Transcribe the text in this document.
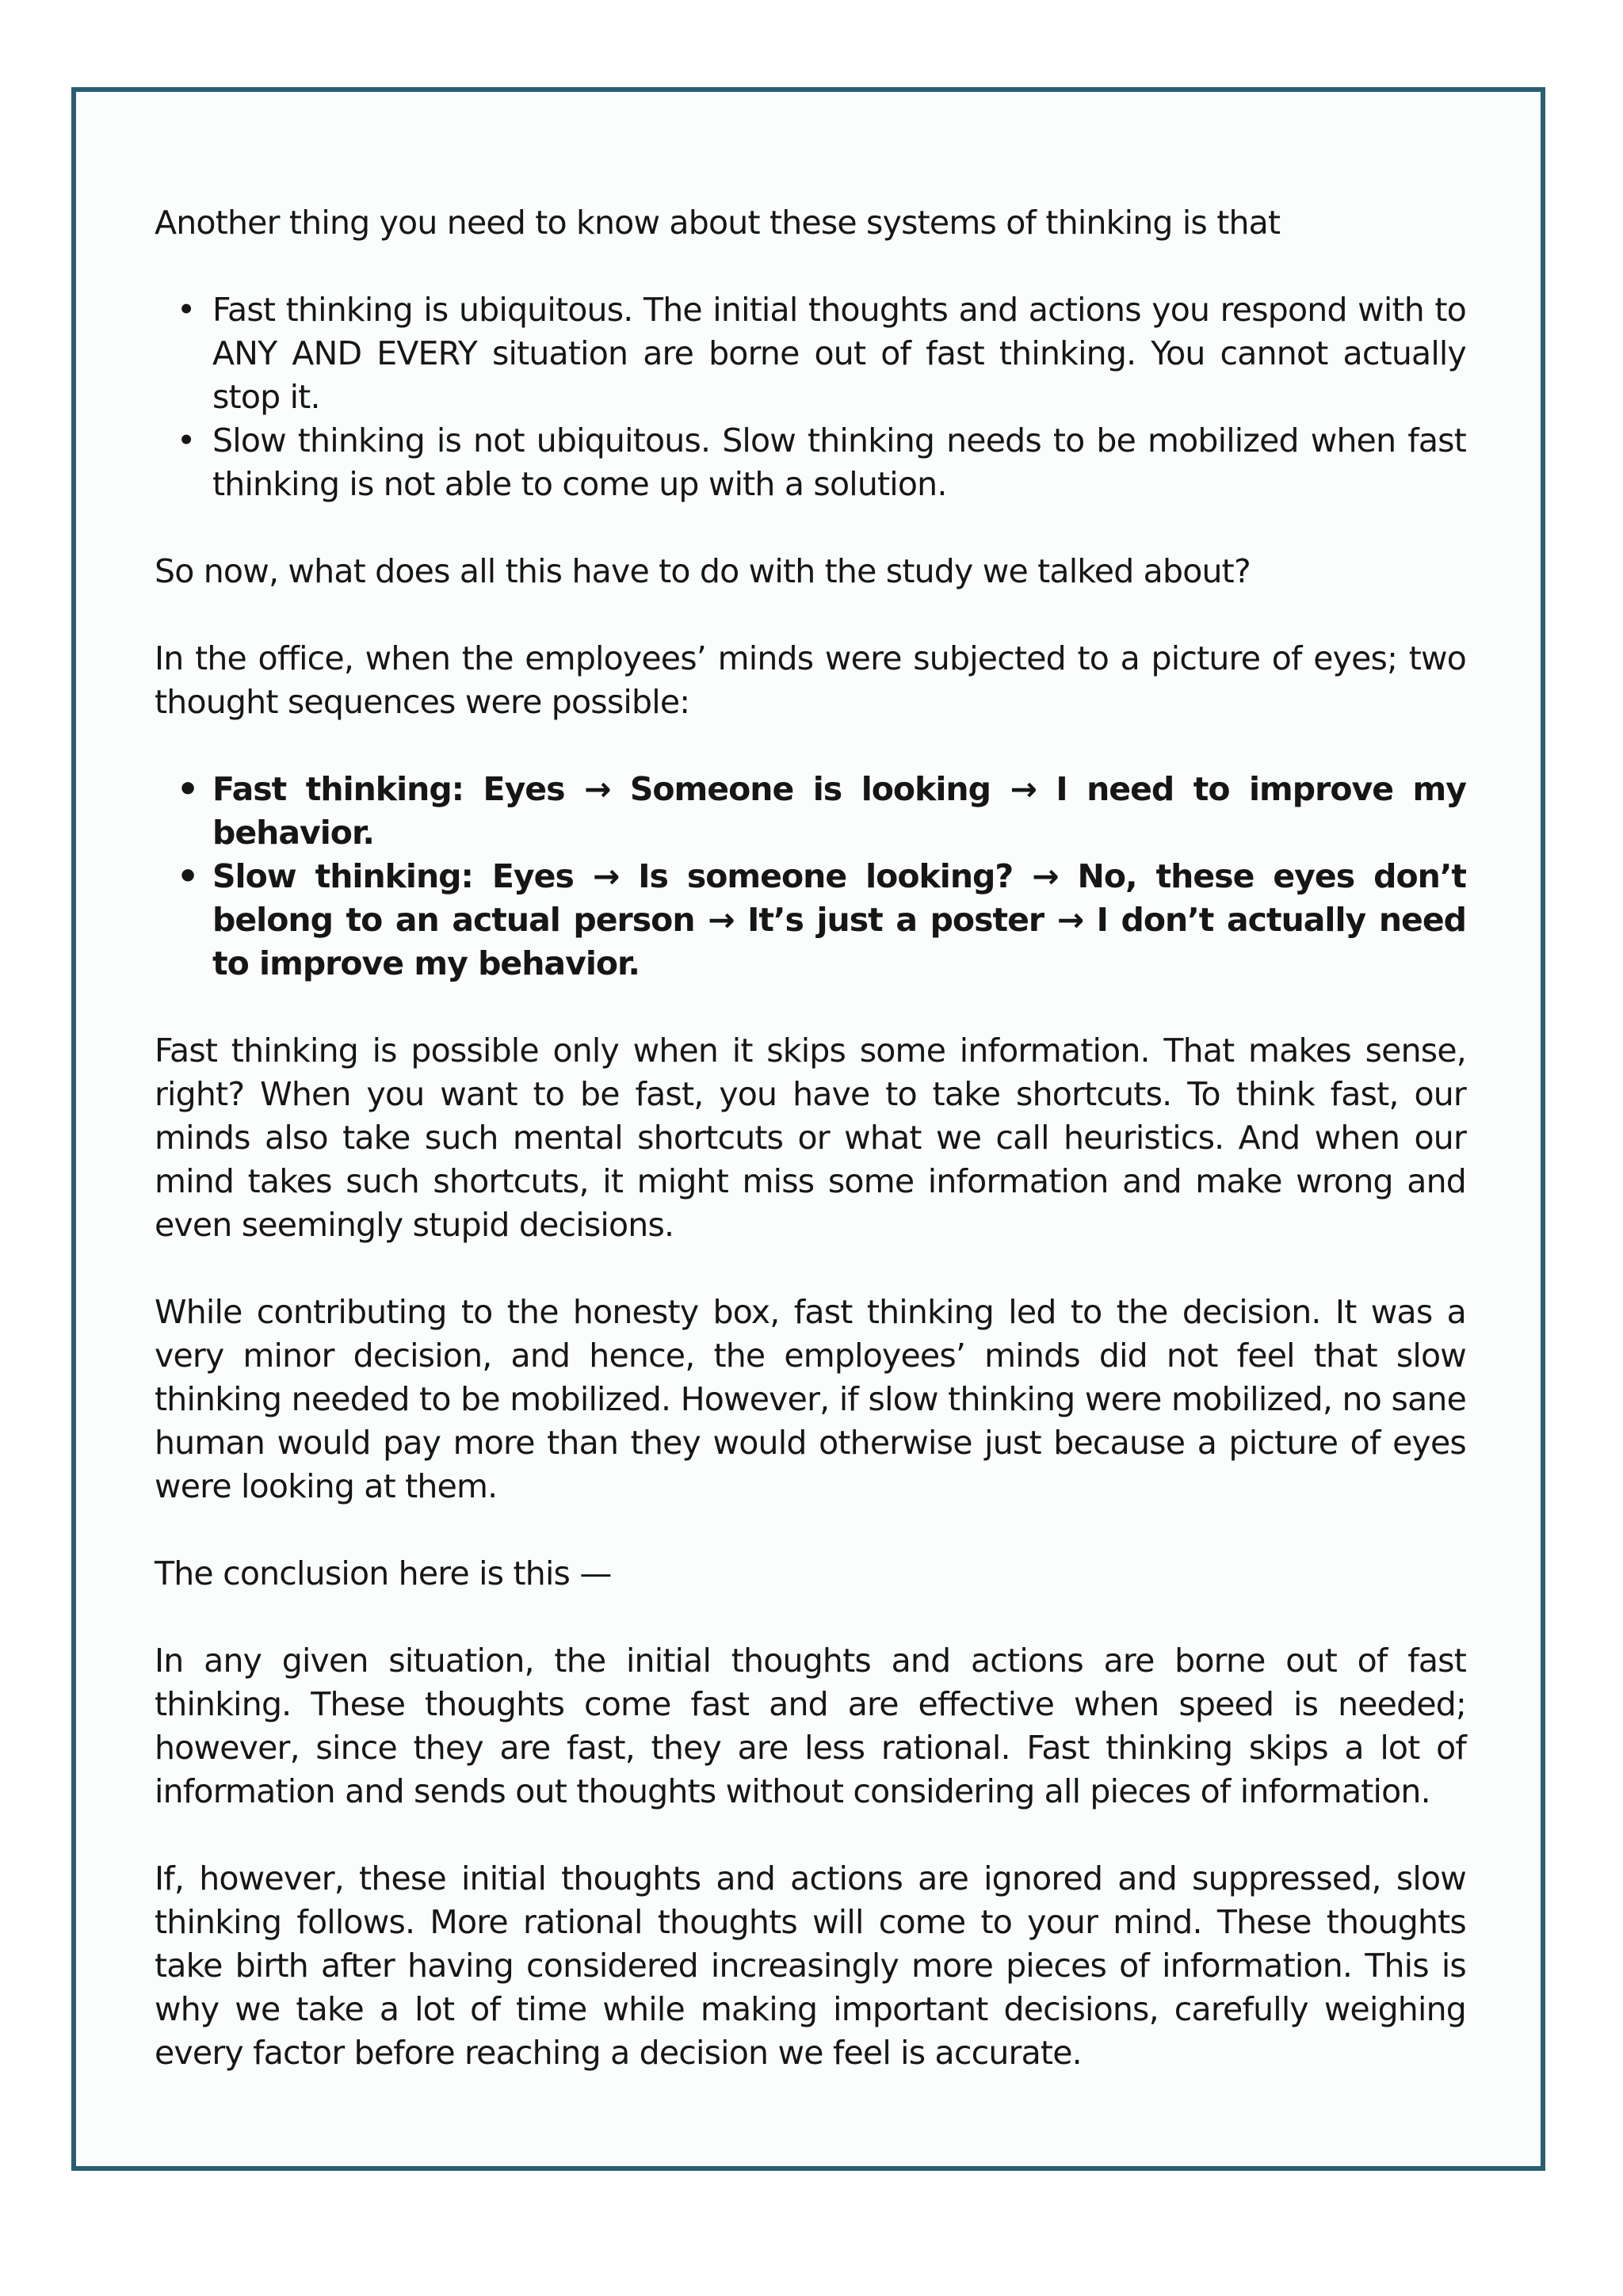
Another thing you need to know about these systems of thinking is that

• Fast thinking is ubiquitous. The initial thoughts and actions you respond with to ANY AND EVERY situation are borne out of fast thinking. You cannot actually stop it.
• Slow thinking is not ubiquitous. Slow thinking needs to be mobilized when fast thinking is not able to come up with a solution.

So now, what does all this have to do with the study we talked about?

In the office, when the employees’ minds were subjected to a picture of eyes; two thought sequences were possible:

• Fast thinking: Eyes → Someone is looking → I need to improve my behavior.
• Slow thinking: Eyes → Is someone looking? → No, these eyes don’t belong to an actual person → It’s just a poster → I don’t actually need to improve my behavior.

Fast thinking is possible only when it skips some information. That makes sense, right? When you want to be fast, you have to take shortcuts. To think fast, our minds also take such mental shortcuts or what we call heuristics. And when our mind takes such shortcuts, it might miss some information and make wrong and even seemingly stupid decisions.

While contributing to the honesty box, fast thinking led to the decision. It was a very minor decision, and hence, the employees’ minds did not feel that slow thinking needed to be mobilized. However, if slow thinking were mobilized, no sane human would pay more than they would otherwise just because a picture of eyes were looking at them.

The conclusion here is this —

In any given situation, the initial thoughts and actions are borne out of fast thinking. These thoughts come fast and are effective when speed is needed; however, since they are fast, they are less rational. Fast thinking skips a lot of information and sends out thoughts without considering all pieces of information.

If, however, these initial thoughts and actions are ignored and suppressed, slow thinking follows. More rational thoughts will come to your mind. These thoughts take birth after having considered increasingly more pieces of information. This is why we take a lot of time while making important decisions, carefully weighing every factor before reaching a decision we feel is accurate.
